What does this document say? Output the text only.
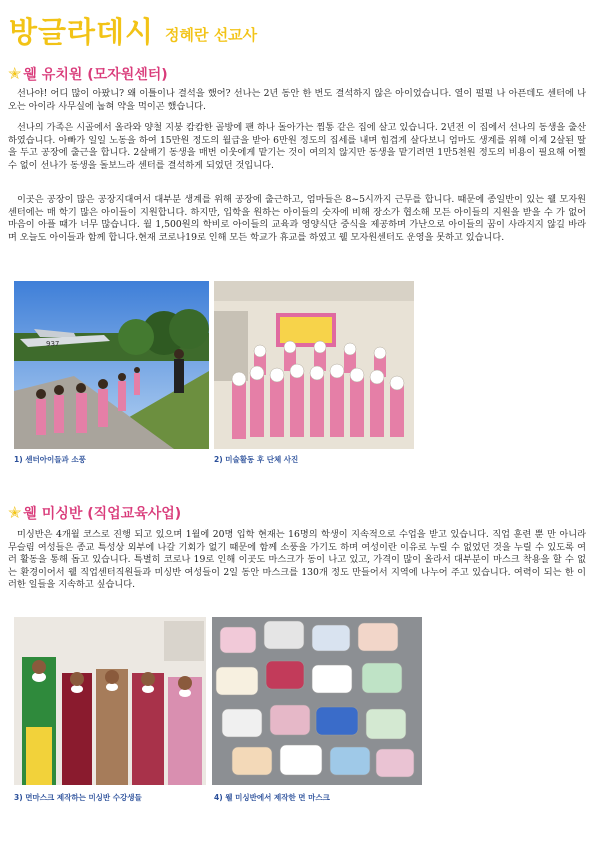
방글라데시 정혜란 선교사
✭ 웰 유치원 (모자원센터)

선나야! 어디 많이 아팠니? 왜 이틀이나 결석을 했어? 선나는 2년 동안 한 번도 결석하지 않은 아이었습니다. 열이 펄펄 나 아픈데도 센터에 나오는 아이라 사무실에 눕혀 약을 먹이곤 했습니다.

선나의 가족은 시골에서 올라와 양철 지붕 캄캄한 골방에 팬 하나 돌아가는 찜통 같은 집에 살고 있습니다. 2년전 이 집에서 선나의 동생을 출산 하였습니다. 아빠가 일일 노동을 하여 15만원 정도의 월급을 받아 6만원 정도의 집세를 내며 힘겹게 살다보니 엄마도 생계를 위해 이제 2살된 딸을 두고 공장에 출근을 합니다. 2살배기 동생을 매번 이웃에게 맡기는 것이 여의치 않지만 동생을 맡기려면 1만5천원 정도의 비용이 필요해 어쩔 수 없이 선나가 동생을 돌보느라 센터를 결석하게 되었던 것입니다.

이곳은 공장이 많은 공장지대여서 대부분 생계를 위해 공장에 출근하고, 엄마들은 8~5시까지 근무를 합니다. 때문에 종일반이 있는 웰 모자원센터에는 매 학기 많은 아이들이 지원합니다. 하지만, 입학을 원하는 아이들의 숫자에 비해 장소가 협소해 모든 아이들의 지원을 받을 수 가 없어 마음이 아플 때가 너무 많습니다. 월 1,500원의 학비로 아이들의 교육과 영양식단 중식을 제공하며 가난으로 아이들의 꿈이 사라지지 않길 바라며 오늘도 아이들과 함께 합니다.현재 코로나19로 인해 모든 학교가 휴교를 하였고 웰 모자원센터도 운영을 못하고 있습니다.

937
1) 센터아이들과 소풍	2) 미술활동 후 단체 사진
✭ 웰 미싱반 (직업교육사업)

미싱반은 4개월 코스로 진행 되고 있으며 1월에 20명 입학 현재는 16명의 학생이 지속적으로 수업을 받고 있습니다. 직업 훈련 뿐 만 아니라 무슬림 여성들은 종교 특성상 외부에 나갈 기회가 없기 때문에 함께 소풍을 가기도 하며 여성이란 이유로 누릴 수 없었던 것을 누릴 수 있도록 여러 활동을 통해 돕고 있습니다. 특별히 코로나 19로 인해 이곳도 마스크가 동이 나고 있고, 가격이 많이 올라서 대부분이 마스크 착용을 할 수 없는 환경이어서 웰 직업센터직원들과 미싱반 여성들이 2일 동안 마스크를 130개 정도 만들어서 지역에 나누어 주고 있습니다. 여력이 되는 한 이러한 일들을 지속하고 싶습니다.

3) 면마스크 제작하는 미싱반 수강생들	4) 웰 미싱반에서 제작한 면 마스크
